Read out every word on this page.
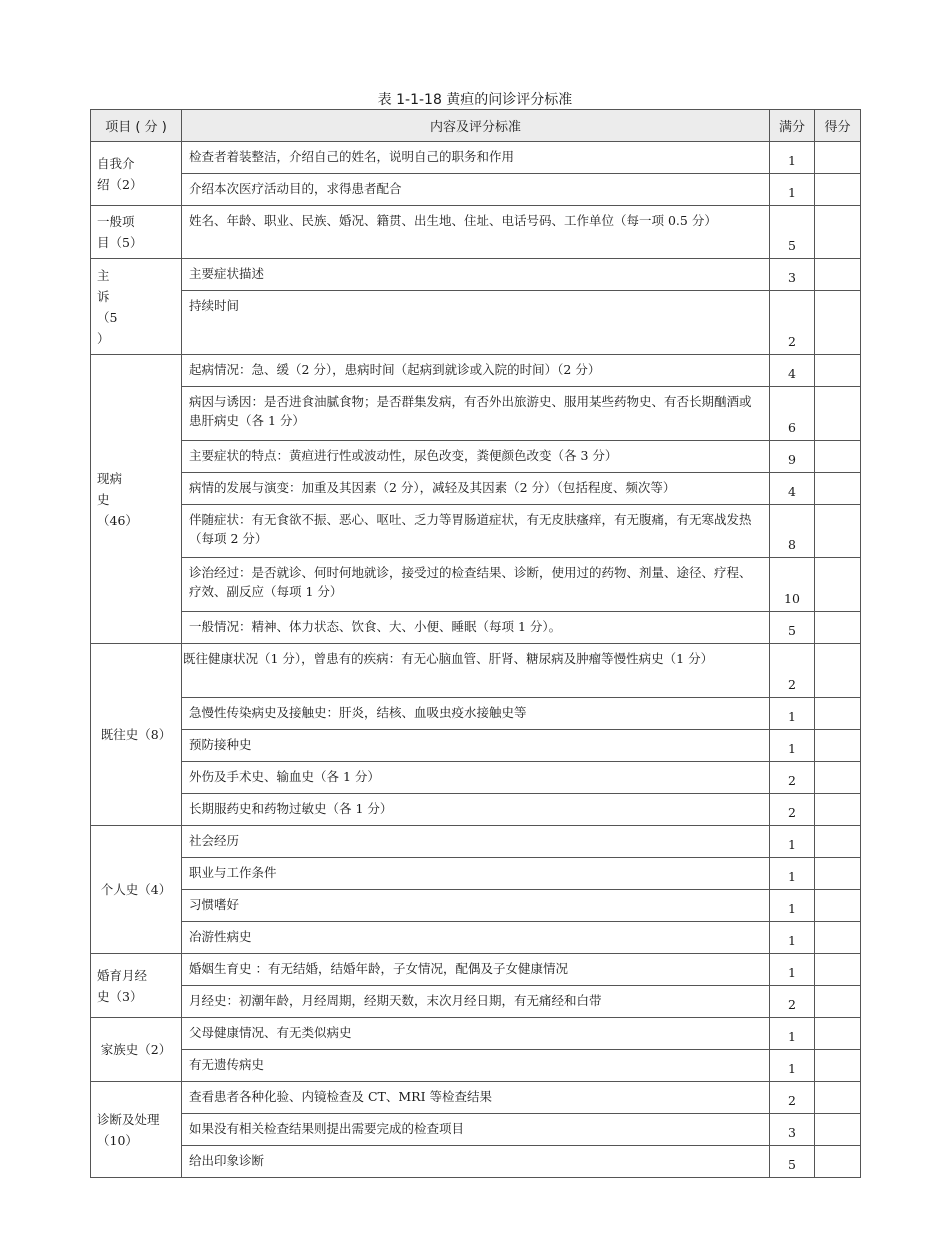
表 1-1-18 黄疸的问诊评分标准
项目 ( 分 )	内容及评分标准	满分	得分
自我介
绍（2）	检查者着装整洁，介绍自己的姓名，说明自己的职务和作用	1	
	介绍本次医疗活动目的，求得患者配合	1	
一般项
目（5）	姓名、年龄、职业、民族、婚况、籍贯、出生地、住址、电话号码、工作单位（每一项 0.5 分）	5	
主
诉
（5
）	主要症状描述	3	
	持续时间	2	
现病
史
（46）	起病情况：急、缓（2 分），患病时间（起病到就诊或入院的时间）（2 分）	4	
	病因与诱因：是否进食油腻食物；是否群集发病，有否外出旅游史、服用某些药物史、有否长期酗酒或患肝病史（各 1 分）	6	
	主要症状的特点：黄疸进行性或波动性，尿色改变，粪便颜色改变（各 3 分）	9	
	病情的发展与演变：加重及其因素（2 分），减轻及其因素（2 分）（包括程度、频次等）	4	
	伴随症状：有无食欲不振、恶心、呕吐、乏力等胃肠道症状，有无皮肤瘙痒，有无腹痛，有无寒战发热（每项 2 分）	8	
	诊治经过：是否就诊、何时何地就诊，接受过的检查结果、诊断，使用过的药物、剂量、途径、疗程、疗效、副反应（每项 1 分）	10	
	一般情况：精神、体力状态、饮食、大、小便、睡眠（每项 1 分）。	5	
既往史（8）	既往健康状况（1 分），曾患有的疾病：有无心脑血管、肝肾、糖尿病及肿瘤等慢性病史（1 分）	2	
	急慢性传染病史及接触史：肝炎，结核、血吸虫疫水接触史等	1	
	预防接种史	1	
	外伤及手术史、输血史（各 1 分）	2	
	长期服药史和药物过敏史（各 1 分）	2	
个人史（4）	社会经历	1	
	职业与工作条件	1	
	习惯嗜好	1	
	冶游性病史	1	
婚育月经
史（3）	婚姻生育史 ：有无结婚，结婚年龄，子女情况，配偶及子女健康情况	1	
	月经史：初潮年龄，月经周期，经期天数，末次月经日期，有无痛经和白带	2	
家族史（2）	父母健康情况、有无类似病史	1	
	有无遗传病史	1	
诊断及处理
（10）	查看患者各种化验、内镜检查及 CT、MRI 等检查结果	2	
	如果没有相关检查结果则提出需要完成的检查项目	3	
	给出印象诊断	5	
